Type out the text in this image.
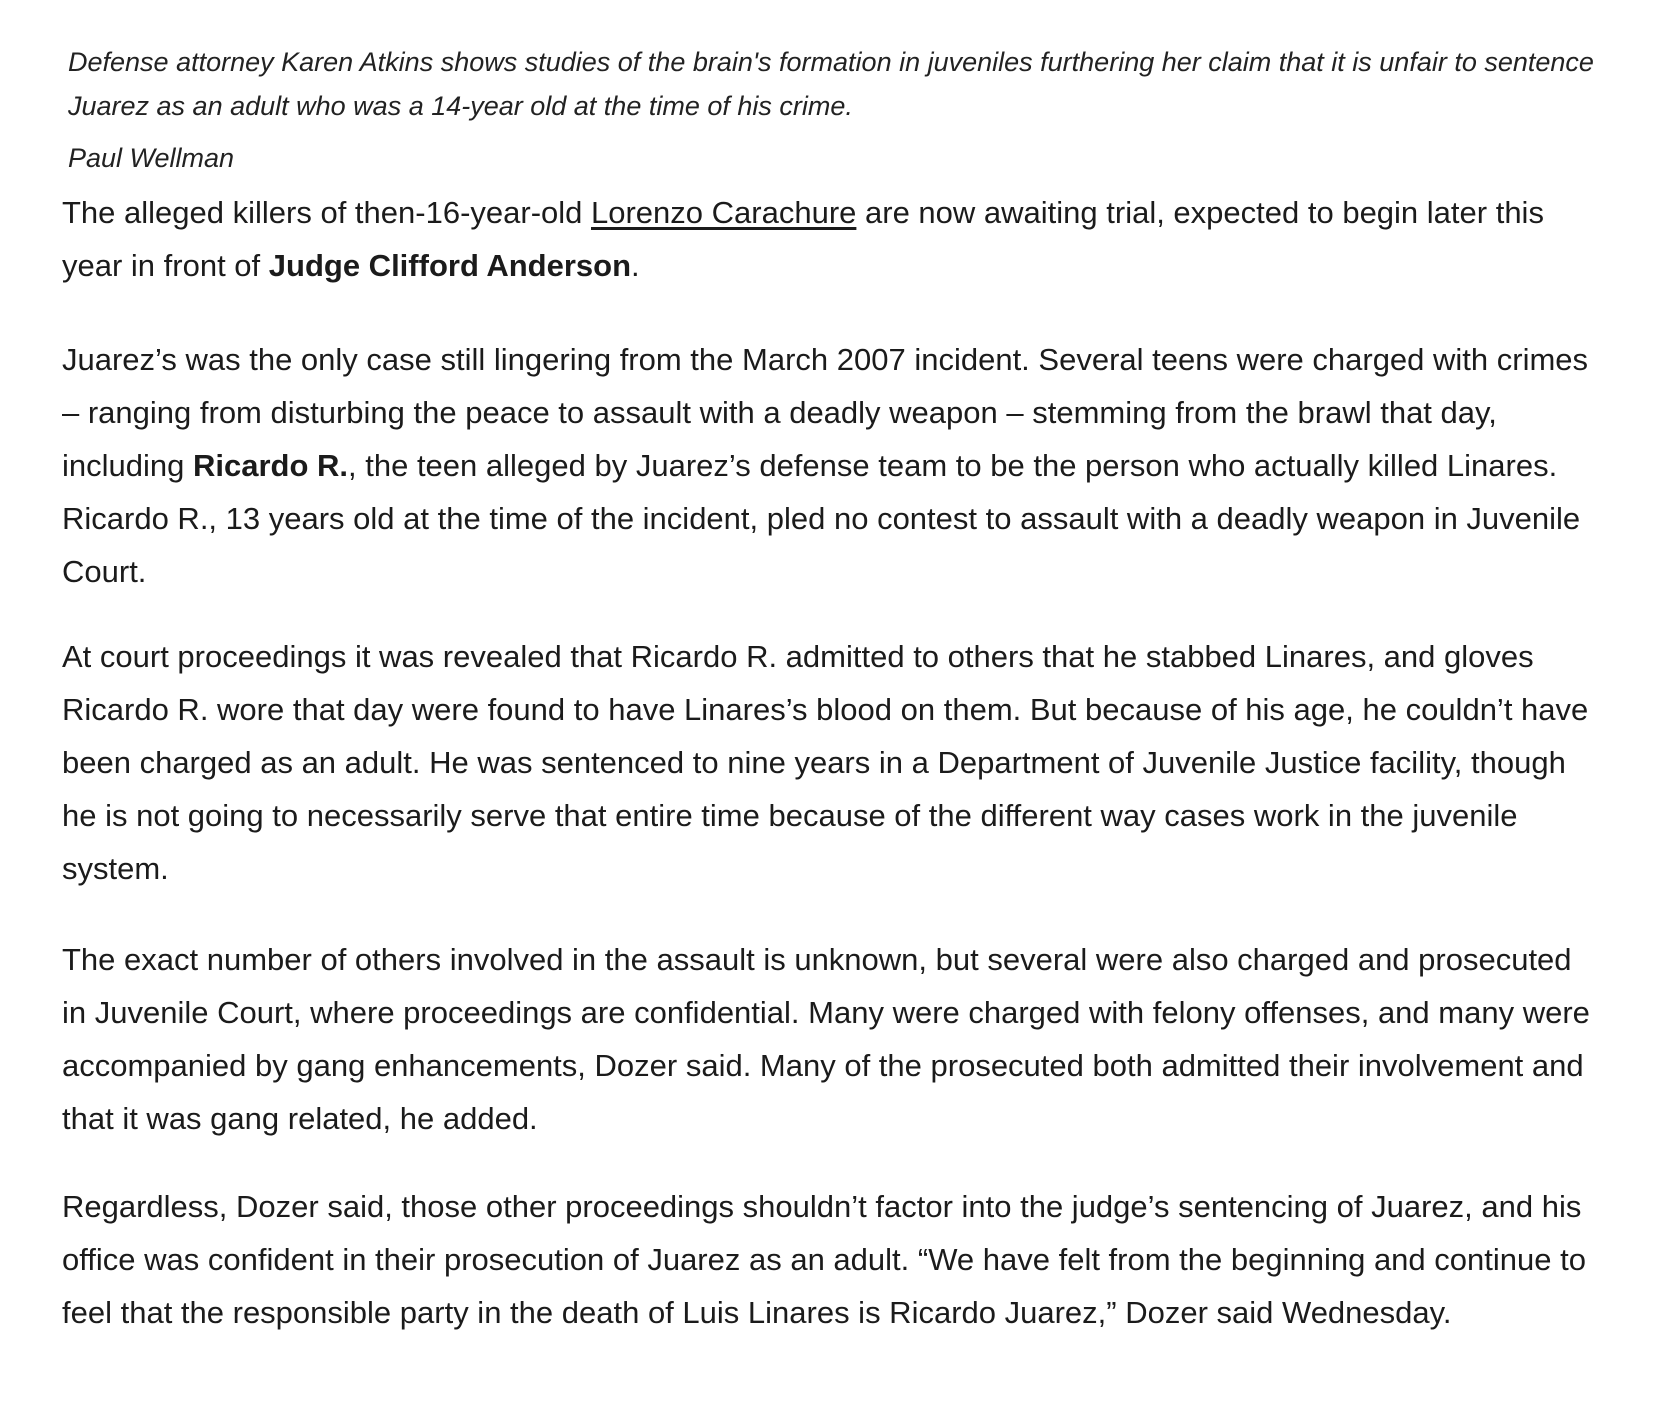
Defense attorney Karen Atkins shows studies of the brain's formation in juveniles furthering her claim that it is unfair to sentence Juarez as an adult who was a 14-year old at the time of his crime.

Paul Wellman

The alleged killers of then-16-year-old Lorenzo Carachure are now awaiting trial, expected to begin later this year in front of Judge Clifford Anderson.

Juarez’s was the only case still lingering from the March 2007 incident. Several teens were charged with crimes – ranging from disturbing the peace to assault with a deadly weapon – stemming from the brawl that day, including Ricardo R., the teen alleged by Juarez’s defense team to be the person who actually killed Linares. Ricardo R., 13 years old at the time of the incident, pled no contest to assault with a deadly weapon in Juvenile Court.

At court proceedings it was revealed that Ricardo R. admitted to others that he stabbed Linares, and gloves Ricardo R. wore that day were found to have Linares’s blood on them. But because of his age, he couldn’t have been charged as an adult. He was sentenced to nine years in a Department of Juvenile Justice facility, though he is not going to necessarily serve that entire time because of the different way cases work in the juvenile system.

The exact number of others involved in the assault is unknown, but several were also charged and prosecuted in Juvenile Court, where proceedings are confidential. Many were charged with felony offenses, and many were accompanied by gang enhancements, Dozer said. Many of the prosecuted both admitted their involvement and that it was gang related, he added.

Regardless, Dozer said, those other proceedings shouldn’t factor into the judge’s sentencing of Juarez, and his office was confident in their prosecution of Juarez as an adult. “We have felt from the beginning and continue to feel that the responsible party in the death of Luis Linares is Ricardo Juarez,” Dozer said Wednesday.
